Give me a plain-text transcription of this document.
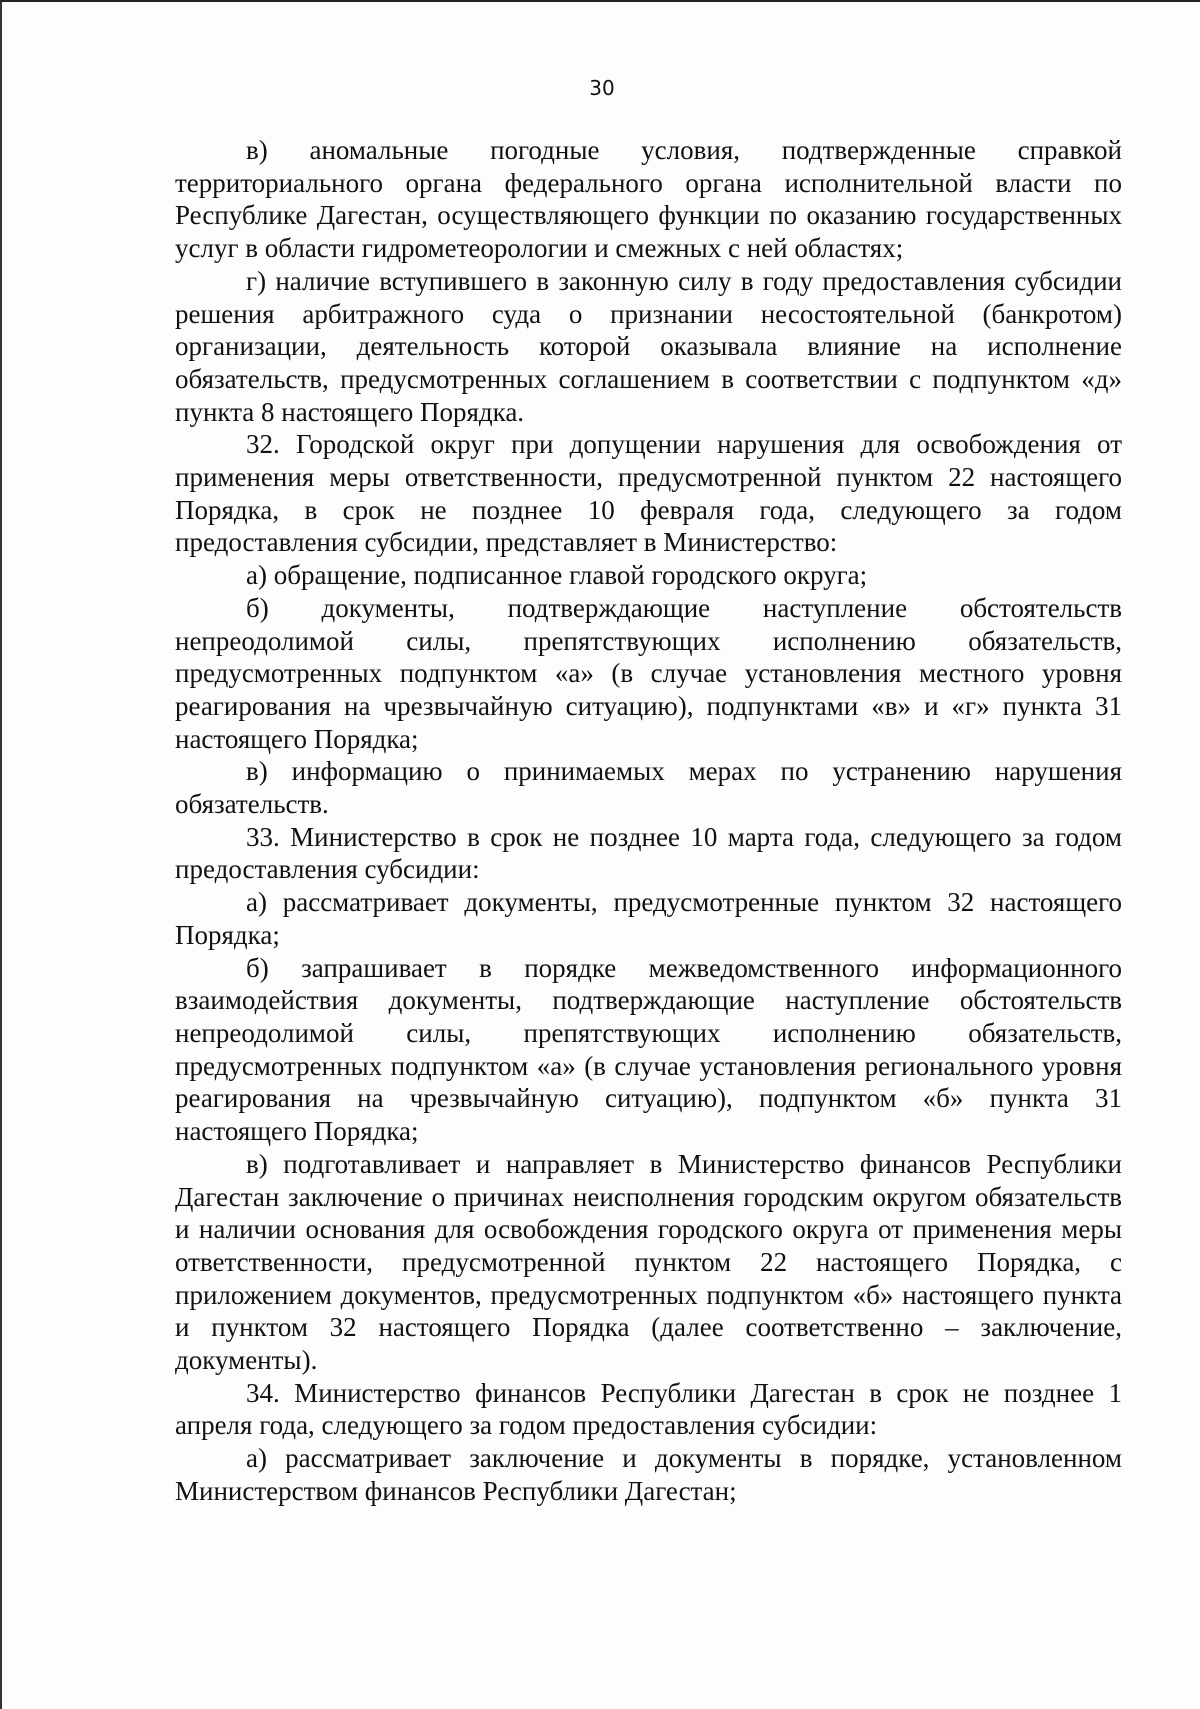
30

в) аномальные погодные условия, подтвержденные справкой территориального органа федерального органа исполнительной власти по Республике Дагестан, осуществляющего функции по оказанию государственных услуг в области гидрометеорологии и смежных с ней областях;

г) наличие вступившего в законную силу в году предоставления субсидии решения арбитражного суда о признании несостоятельной (банкротом) организации, деятельность которой оказывала влияние на исполнение обязательств, предусмотренных соглашением в соответствии с подпунктом «д» пункта 8 настоящего Порядка.

32. Городской округ при допущении нарушения для освобождения от применения меры ответственности, предусмотренной пунктом 22 настоящего Порядка, в срок не позднее 10 февраля года, следующего за годом предоставления субсидии, представляет в Министерство:

а) обращение, подписанное главой городского округа;

б) документы, подтверждающие наступление обстоятельств непреодолимой силы, препятствующих исполнению обязательств, предусмотренных подпунктом «а» (в случае установления местного уровня реагирования на чрезвычайную ситуацию), подпунктами «в» и «г» пункта 31 настоящего Порядка;

в) информацию о принимаемых мерах по устранению нарушения обязательств.

33. Министерство в срок не позднее 10 марта года, следующего за годом предоставления субсидии:

а) рассматривает документы, предусмотренные пунктом 32 настоящего Порядка;

б) запрашивает в порядке межведомственного информационного взаимодействия документы, подтверждающие наступление обстоятельств непреодолимой силы, препятствующих исполнению обязательств, предусмотренных подпунктом «а» (в случае установления регионального уровня реагирования на чрезвычайную ситуацию), подпунктом «б» пункта 31 настоящего Порядка;

в) подготавливает и направляет в Министерство финансов Республики Дагестан заключение о причинах неисполнения городским округом обязательств и наличии основания для освобождения городского округа от применения меры ответственности, предусмотренной пунктом 22 настоящего Порядка, с приложением документов, предусмотренных подпунктом «б» настоящего пункта и пунктом 32 настоящего Порядка (далее соответственно – заключение, документы).

34. Министерство финансов Республики Дагестан в срок не позднее 1 апреля года, следующего за годом предоставления субсидии:

а) рассматривает заключение и документы в порядке, установленном Министерством финансов Республики Дагестан;
